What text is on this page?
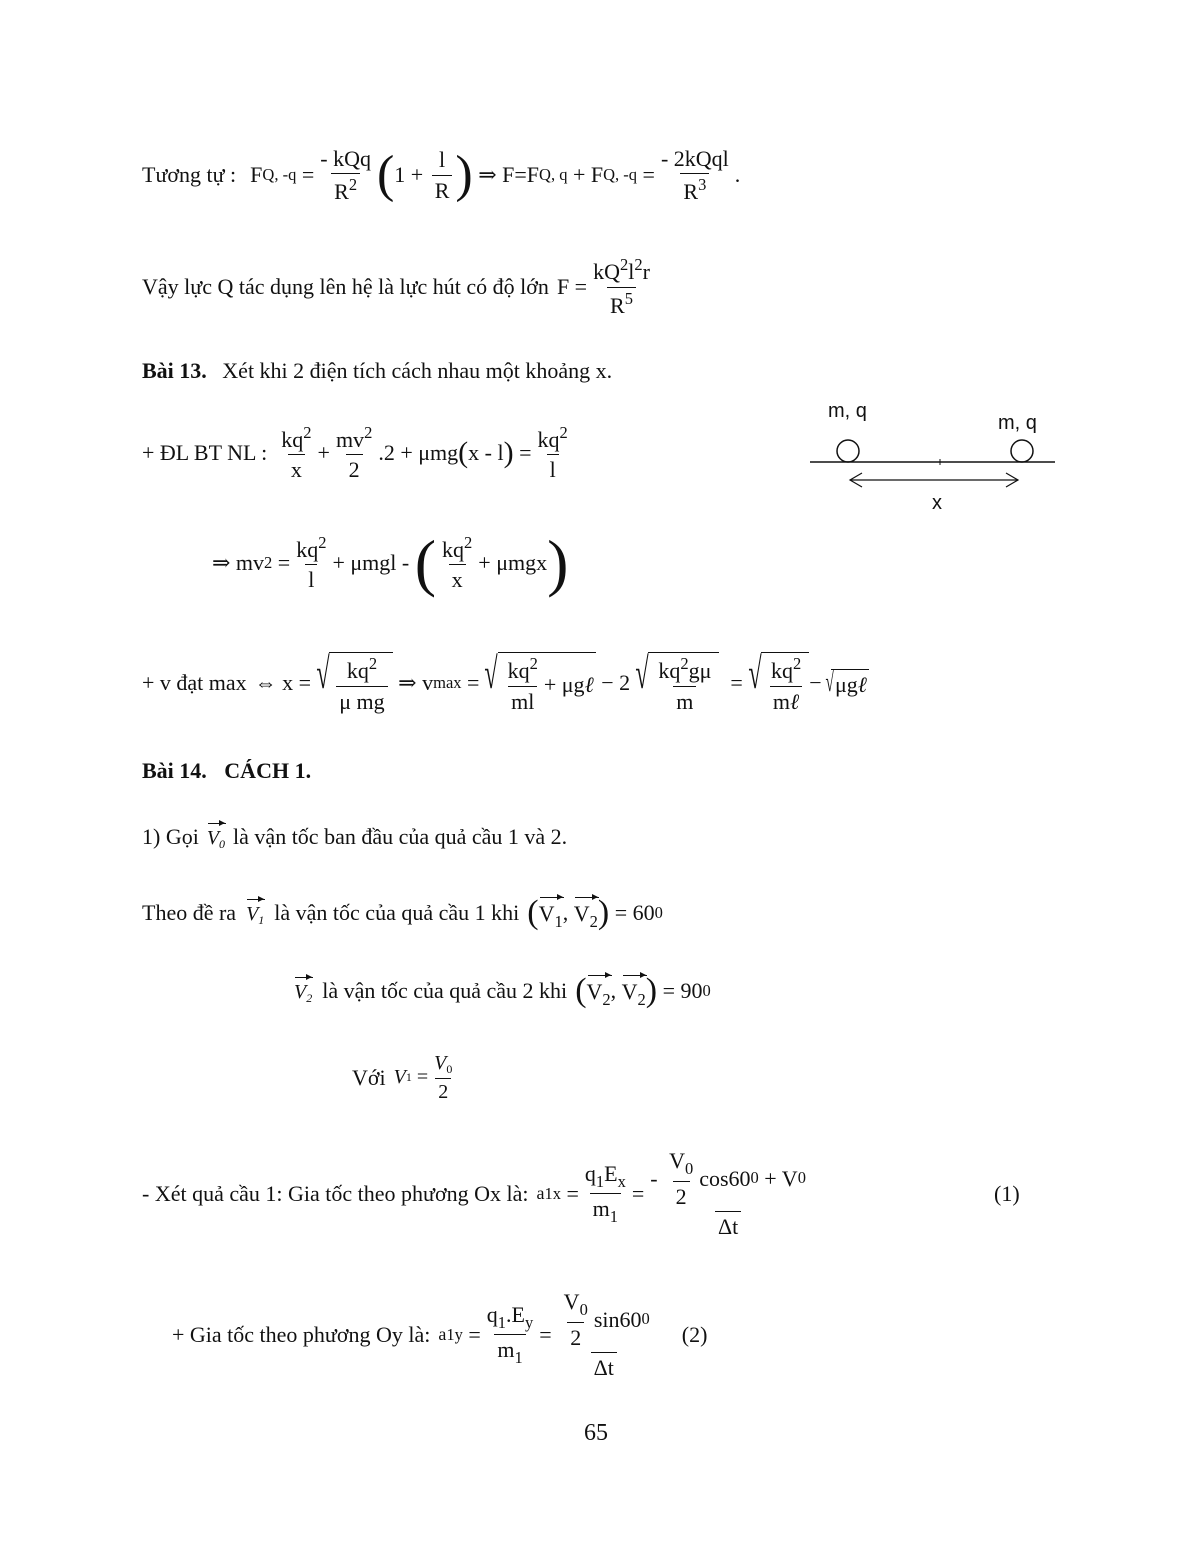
Tương tự : F Q, $-q = \frac{\text{- kQq}}{R^2}$ ( $1 + \frac{l}{R}$ ) ⇒ F=F Q, q + F Q, $-q = \frac{\text{- 2kQql}}{R^3}$ .
Vậy lực Q tác dụng lên hệ là lực hút có độ lớn $F = \frac{kQ^2l^2r}{R^5}$
Bài 13. Xét khi 2 điện tích cách nhau một khoảng x.
+ ĐL BT NL : $\frac{kq^2}{x} + \frac{mv^2}{2} .2 + \mu mg$ ( x - l ) = $\frac{kq^2}{l}$
m, q
m, q
x
⇒ mv $2 = \frac{kq^2}{l} + \mu mgl$ - ( $\frac{kq^2}{x} + \mu mgx$ )
+ v đạt max ⇔ x = √ $\frac{kq^2}{\text{μ mg}}$ ⇒ v max = √ $\frac{kq^2}{ml} + \mu g$ ℓ − 2 √ $\frac{kq^2g\mu}{m}$ = √ $\frac{kq^2}{\text{mℓ}}$ − √ μg ℓ
Bài 14. CÁCH 1.
1) Gọi $V_0$ là vận tốc ban đầu của quả cầu 1 và 2.
Theo đề ra $V_1$ là vận tốc của quả cầu 1 khi ( $V_1$ , $V_2$ )
= 60 0
$V_2$ là vận tốc của quả cầu 2 khi ( $V_2$ , $V_2$ )
= 90 0
Với V $1 = \frac{V_0}{2}$
- Xét quả cầu 1: Gia tốc theo phương Ox là: a $1x = \frac{q_1E_x}{m_1} = \frac{- \frac{V_0}{2} \cos 60 0 + V 0}{\Delta t}$	(1)
+ Gia tốc theo phương Oy là: a $1y = \frac{q_1.E_y}{m_1} = \frac{\frac{V_0}{2} \sin 60 0}{\Delta t} (2)$
65
